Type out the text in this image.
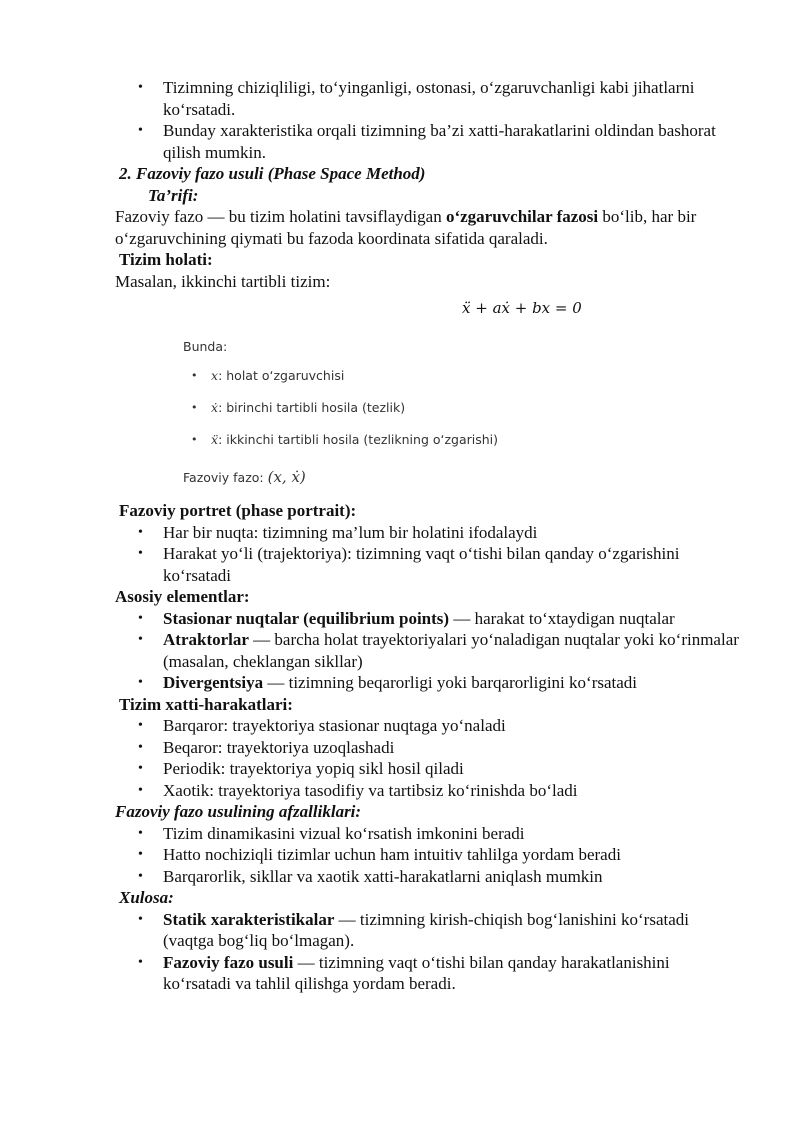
• Tizimning chiziqliligi, to‘yinganligi, ostonasi, o‘zgaruvchanligi kabi jihatlarni ko‘rsatadi.
• Bunday xarakteristika orqali tizimning ba’zi xatti-harakatlarini oldindan bashorat qilish mumkin.

2. Fazoviy fazo usuli (Phase Space Method)

Ta’rifi:

Fazoviy fazo — bu tizim holatini tavsiflaydigan o‘zgaruvchilar fazosi bo‘lib, har bir o‘zgaruvchining qiymati bu fazoda koordinata sifatida qaraladi.

Tizim holati:

Masalan, ikkinchi tartibli tizim:

ẍ + aẋ + bx = 0
Bunda:
• x: holat o‘zgaruvchisi
• ẋ: birinchi tartibli hosila (tezlik)
• ẍ: ikkinchi tartibli hosila (tezlikning o‘zgarishi)
Fazoviy fazo: (x, ẋ)

Fazoviy portret (phase portrait):

• Har bir nuqta: tizimning ma’lum bir holatini ifodalaydi
• Harakat yo‘li (trajektoriya): tizimning vaqt o‘tishi bilan qanday o‘zgarishini ko‘rsatadi

Asosiy elementlar:

• Stasionar nuqtalar (equilibrium points) — harakat to‘xtaydigan nuqtalar
• Atraktorlar — barcha holat trayektoriyalari yo‘naladigan nuqtalar yoki ko‘rinmalar (masalan, cheklangan sikllar)
• Divergentsiya — tizimning beqarorligi yoki barqarorligini ko‘rsatadi

Tizim xatti-harakatlari:

• Barqaror: trayektoriya stasionar nuqtaga yo‘naladi
• Beqaror: trayektoriya uzoqlashadi
• Periodik: trayektoriya yopiq sikl hosil qiladi
• Xaotik: trayektoriya tasodifiy va tartibsiz ko‘rinishda bo‘ladi

Fazoviy fazo usulining afzalliklari:

• Tizim dinamikasini vizual ko‘rsatish imkonini beradi
• Hatto nochiziqli tizimlar uchun ham intuitiv tahlilga yordam beradi
• Barqarorlik, sikllar va xaotik xatti-harakatlarni aniqlash mumkin

Xulosa:

• Statik xarakteristikalar — tizimning kirish-chiqish bog‘lanishini ko‘rsatadi (vaqtga bog‘liq bo‘lmagan).
• Fazoviy fazo usuli — tizimning vaqt o‘tishi bilan qanday harakatlanishini ko‘rsatadi va tahlil qilishga yordam beradi.
